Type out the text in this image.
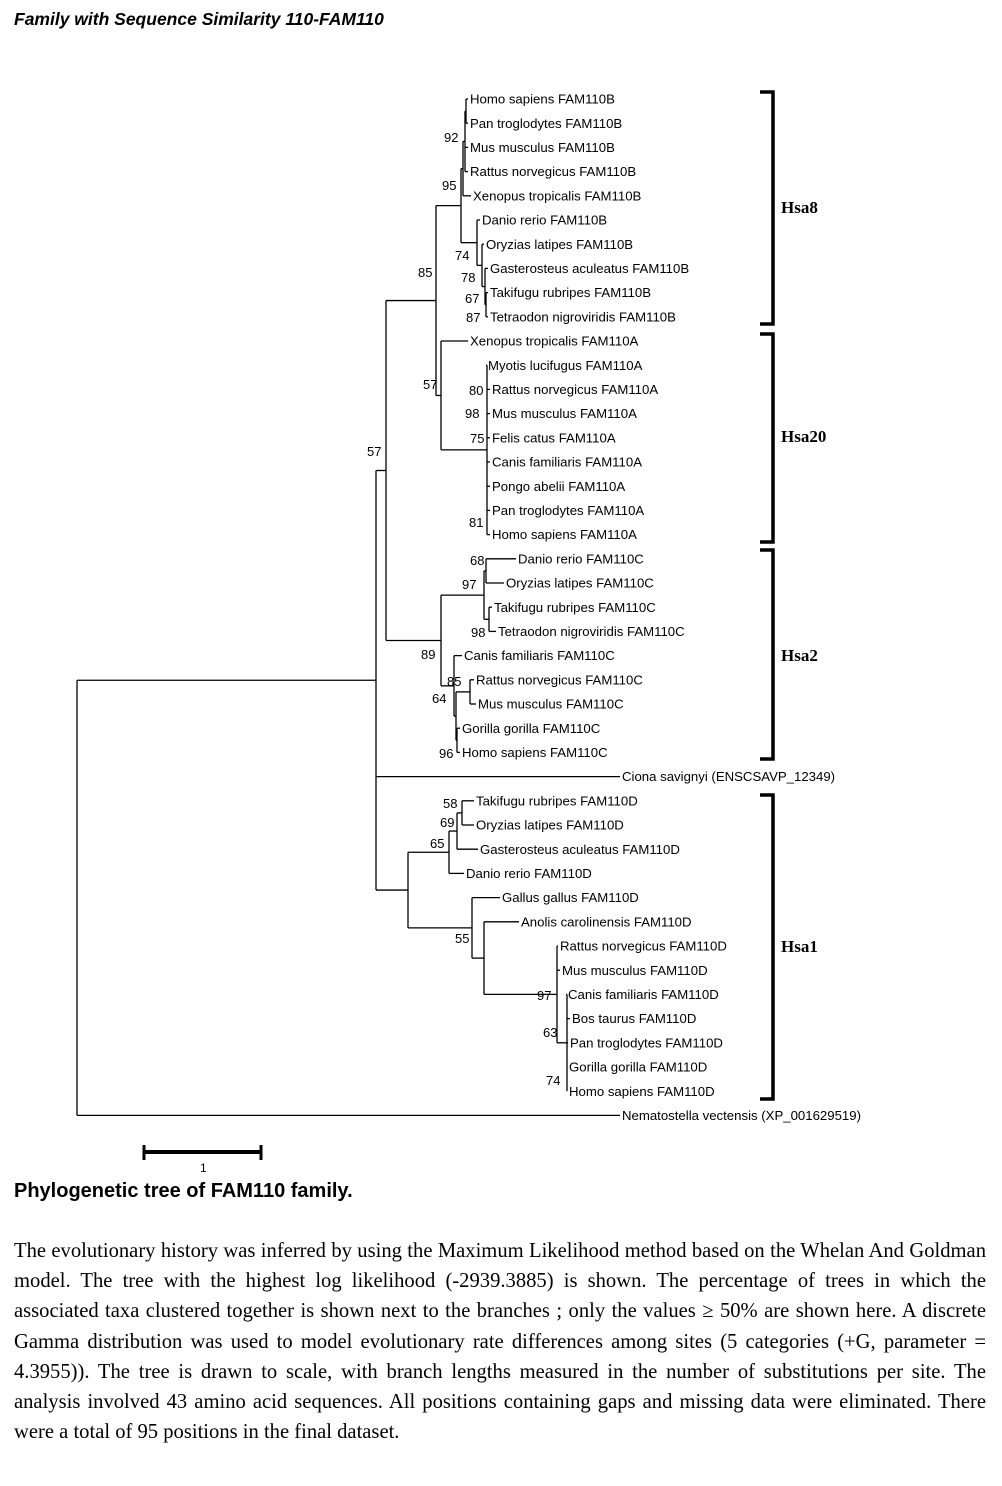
Family with Sequence Similarity 110-FAM110
Homo sapiens FAM110B
Pan troglodytes FAM110B
Mus musculus FAM110B
Rattus norvegicus FAM110B
Xenopus tropicalis FAM110B
Danio rerio FAM110B
Oryzias latipes FAM110B
Gasterosteus aculeatus FAM110B
Takifugu rubripes FAM110B
Tetraodon nigroviridis FAM110B
Xenopus tropicalis FAM110A
Myotis lucifugus FAM110A
Rattus norvegicus FAM110A
Mus musculus FAM110A
Felis catus FAM110A
Canis familiaris FAM110A
Pongo abelii FAM110A
Pan troglodytes FAM110A
Homo sapiens FAM110A
Danio rerio FAM110C
Oryzias latipes FAM110C
Takifugu rubripes FAM110C
Tetraodon nigroviridis FAM110C
Canis familiaris FAM110C
Rattus norvegicus FAM110C
Mus musculus FAM110C
Gorilla gorilla FAM110C
Homo sapiens FAM110C
Ciona savignyi (ENSCSAVP_12349)
Takifugu rubripes FAM110D
Oryzias latipes FAM110D
Gasterosteus aculeatus FAM110D
Danio rerio FAM110D
Gallus gallus FAM110D
Anolis carolinensis FAM110D
Rattus norvegicus FAM110D
Mus musculus FAM110D
Canis familiaris FAM110D
Bos taurus FAM110D
Pan troglodytes FAM110D
Gorilla gorilla FAM110D
Homo sapiens FAM110D
Nematostella vectensis (XP_001629519)
92
95
74
78
67
87
85
57 80
98
75
81
57
68
97
98
89
85
64
96
58
69
65
55
97
63
74
Hsa8
Hsa20
Hsa2
Hsa1
1
Phylogenetic tree of FAM110 family.

The evolutionary history was inferred by using the Maximum Likelihood method based on the Whelan And Goldman model. The tree with the highest log likelihood (-2939.3885) is shown. The percentage of trees in which the associated taxa clustered together is shown next to the branches ; only the values ≥ 50% are shown here. A discrete Gamma distribution was used to model evolutionary rate differences among sites (5 categories (+G, parameter = 4.3955)). The tree is drawn to scale, with branch lengths measured in the number of substitutions per site. The analysis involved 43 amino acid sequences. All positions containing gaps and missing data were eliminated. There were a total of 95 positions in the final dataset.
